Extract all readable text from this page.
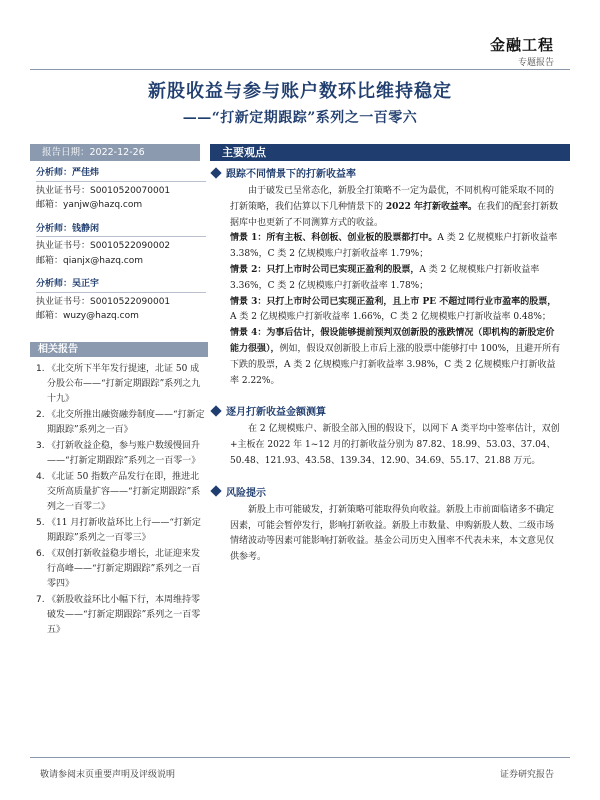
金融工程
专题报告
新股收益与参与账户数环比维持稳定
——“打新定期跟踪”系列之一百零六
报告日期：2022-12-26	主要观点
分析师：严佳炜
执业证书号：S0010520070001
邮箱：yanjw@hazq.com
分析师：钱静闲
执业证书号：S0010522090002
邮箱：qianjx@hazq.com
分析师：吴正宇
执业证书号：S0010522090001
邮箱：wuzy@hazq.com
相关报告
1. 《北交所下半年发行提速，北证 50 成分股公布——“打新定期跟踪”系列之九十九》
2. 《北交所推出融资融券制度——“打新定期跟踪”系列之一百》
3. 《打新收益企稳，参与账户数缓慢回升——“打新定期跟踪”系列之一百零一》
4. 《北证 50 指数产品发行在即，推进北交所高质量扩容——“打新定期跟踪”系列之一百零二》
5. 《11 月打新收益环比上行——“打新定期跟踪”系列之一百零三》
6. 《双创打新收益稳步增长，北证迎来发行高峰——“打新定期跟踪”系列之一百零四》
7. 《新股收益环比小幅下行，本周维持零破发——“打新定期跟踪”系列之一百零五》
跟踪不同情景下的打新收益率
由于破发已呈常态化，新股全打策略不一定为最优，不同机构可能采取不同的打新策略，我们估算以下几种情景下的 2022 年打新收益率。在我们的配套打新数据库中也更新了不同测算方式的收益。
情景 1：所有主板、科创板、创业板的股票都打中。A 类 2 亿规模账户打新收益率 3.38%，C 类 2 亿规模账户打新收益率 1.79%；
情景 2：只打上市时公司已实现正盈利的股票，A 类 2 亿规模账户打新收益率 3.36%，C 类 2 亿规模账户打新收益率 1.78%；
情景 3：只打上市时公司已实现正盈利，且上市 PE 不超过同行业市盈率的股票，A 类 2 亿规模账户打新收益率 1.66%，C 类 2 亿规模账户打新收益率 0.48%；
情景 4：为事后估计，假设能够提前预判双创新股的涨跌情况（即机构的新股定价能力很强），例如，假设双创新股上市后上涨的股票中能够打中 100%，且避开所有下跌的股票，A 类 2 亿规模账户打新收益率 3.98%，C 类 2 亿规模账户打新收益率 2.22%。
逐月打新收益金额测算
在 2 亿规模账户、新股全部入围的假设下，以网下 A 类平均中签率估计，双创+主板在 2022 年 1~12 月的打新收益分别为 87.82、18.99、53.03、37.04、50.48、121.93、43.58、139.34、12.90、34.69、55.17、21.88 万元。
风险提示
新股上市可能破发，打新策略可能取得负向收益。新股上市前面临诸多不确定因素，可能会暂停发行，影响打新收益。新股上市数量、申购新股人数、二级市场情绪波动等因素可能影响打新收益。基金公司历史入围率不代表未来，本文意见仅供参考。
敬请参阅末页重要声明及评级说明	证券研究报告
